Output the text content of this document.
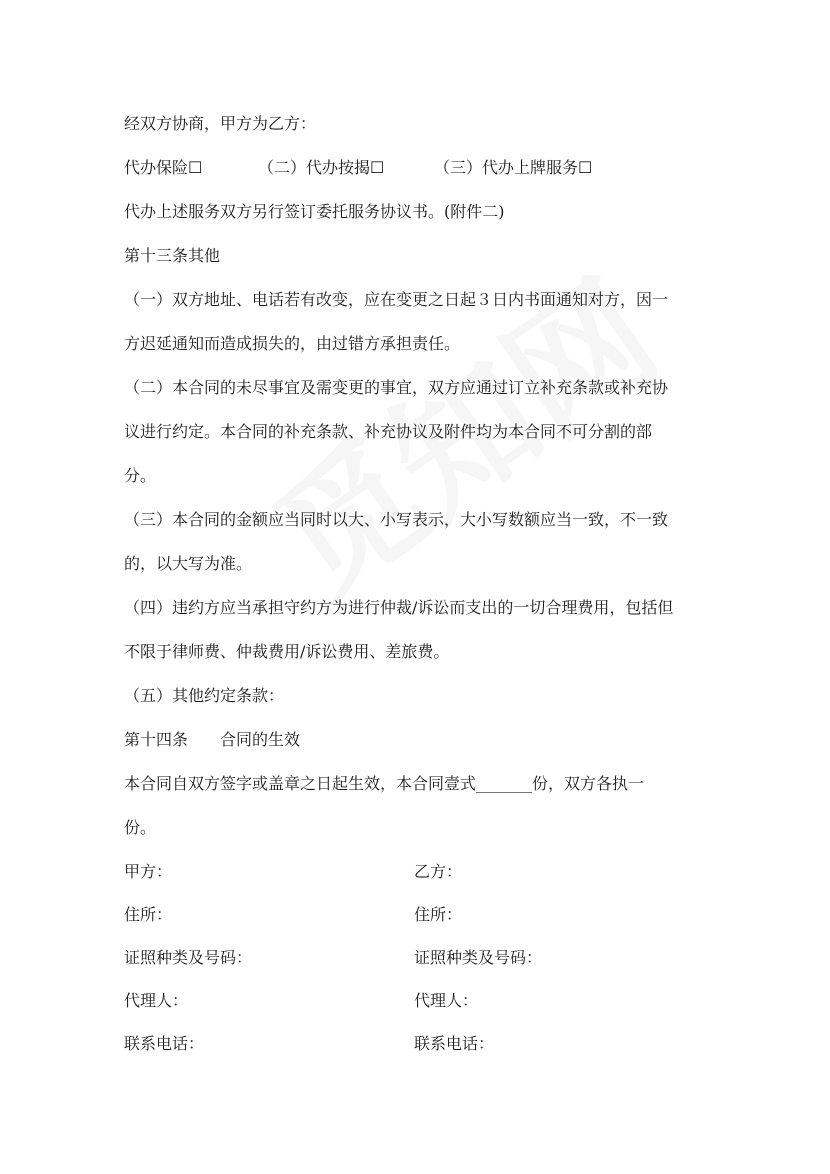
经双方协商，甲方为乙方：
代办保险☐	（二）代办按揭☐	（三）代办上牌服务☐
代办上述服务双方另行签订委托服务协议书。(附件二)
第十三条其他
（一）双方地址、电话若有改变，应在变更之日起３日内书面通知对方，因一
方迟延通知而造成损失的，由过错方承担责任。
（二）本合同的未尽事宜及需变更的事宜，双方应通过订立补充条款或补充协
议进行约定。本合同的补充条款、补充协议及附件均为本合同不可分割的部
分。
（三）本合同的金额应当同时以大、小写表示，大小写数额应当一致，不一致
的，以大写为准。
（四）违约方应当承担守约方为进行仲裁/诉讼而支出的一切合理费用，包括但
不限于律师费、仲裁费用/诉讼费用、差旅费。
（五）其他约定条款：
第十四条 合同的生效
本合同自双方签字或盖章之日起生效，本合同壹式_______份，双方各执一
份。
甲方：	乙方：
住所：	住所：
证照种类及号码：	证照种类及号码：
代理人：	代理人：
联系电话：	联系电话：
